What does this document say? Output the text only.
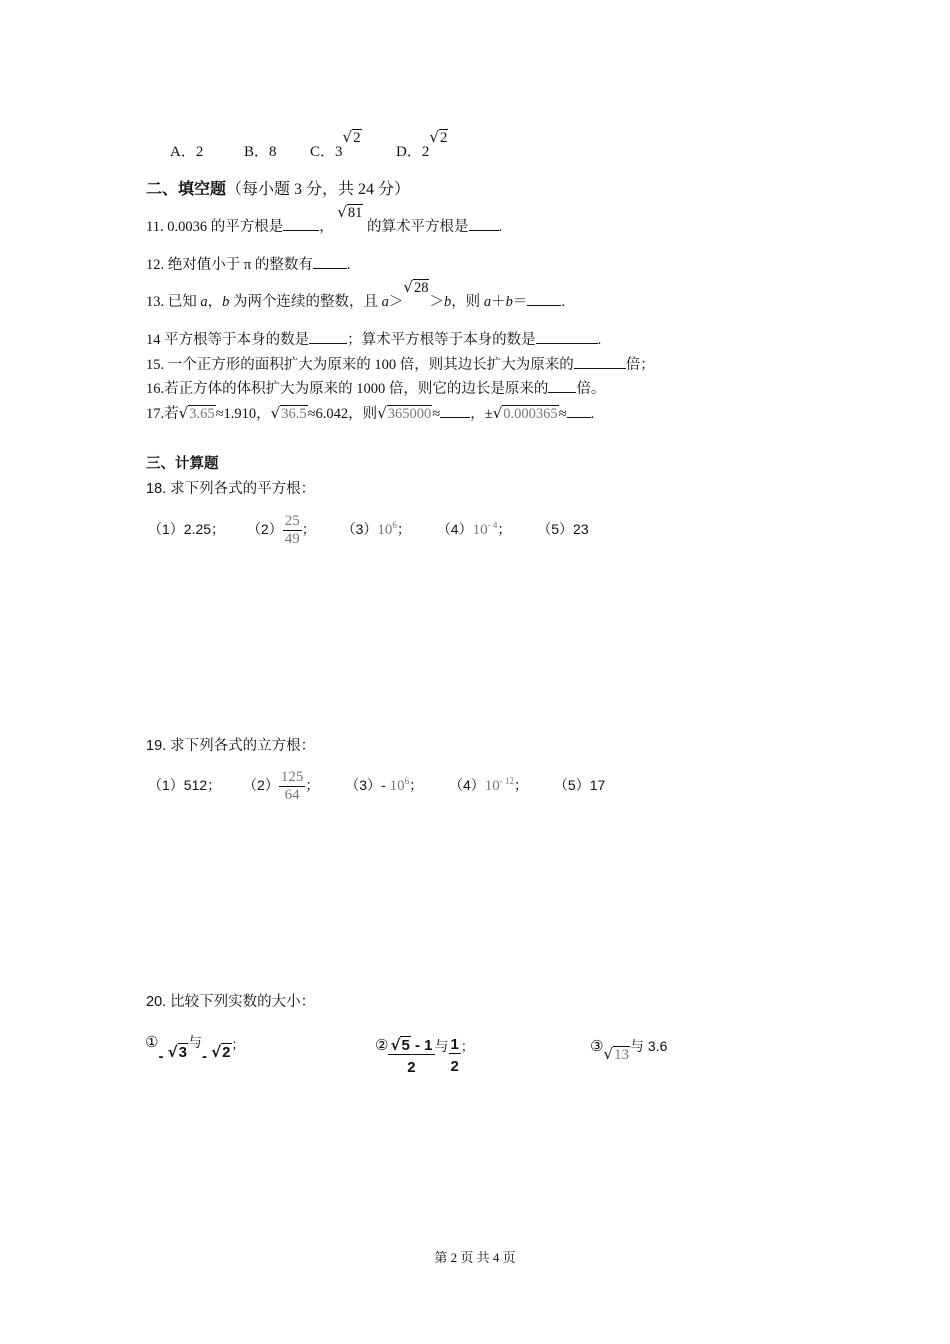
A．2	B．8 C．3√2
D．2√2
二、填空题（每小题 3 分，共 24 分）
11. 0.0036 的平方根是 ， √81 的算术平方根是 .
12. 绝对值小于 π 的整数有 .
13. 已知 a，b 为两个连续的整数，且 a＞√28＞b，则 a＋b＝ .
14 平方根等于本身的数是	；算术平方根等于本身的数是	.
15. 一个正方形的面积扩大为原来的 100 倍，则其边长扩大为原来的	倍；
16.若正方体的体积扩大为原来的 1000 倍，则它的边长是原来的 倍。
17.若√3.65≈1.910，√36.5≈6.042，则√365000≈ ，±√0.000365≈ .
三、计算题
18. 求下列各式的平方根：
（1）2.25； $(2) \frac{25}{49}$ ； $(3)10^6$； $(4)10^{- 4}$； （5）23
19. 求下列各式的立方根：
（1）512； $(2) \frac{125}{64}$ ； （3）- $10^6$； $(4)10^{- 12}$； （5）17
20. 比较下列实数的大小：
①- √3与- √2；	② $\frac{√5 - 1}{2}$ 与 $\frac{1}{2}$ ；	③√13与 3.6
第 2 页 共 4 页
